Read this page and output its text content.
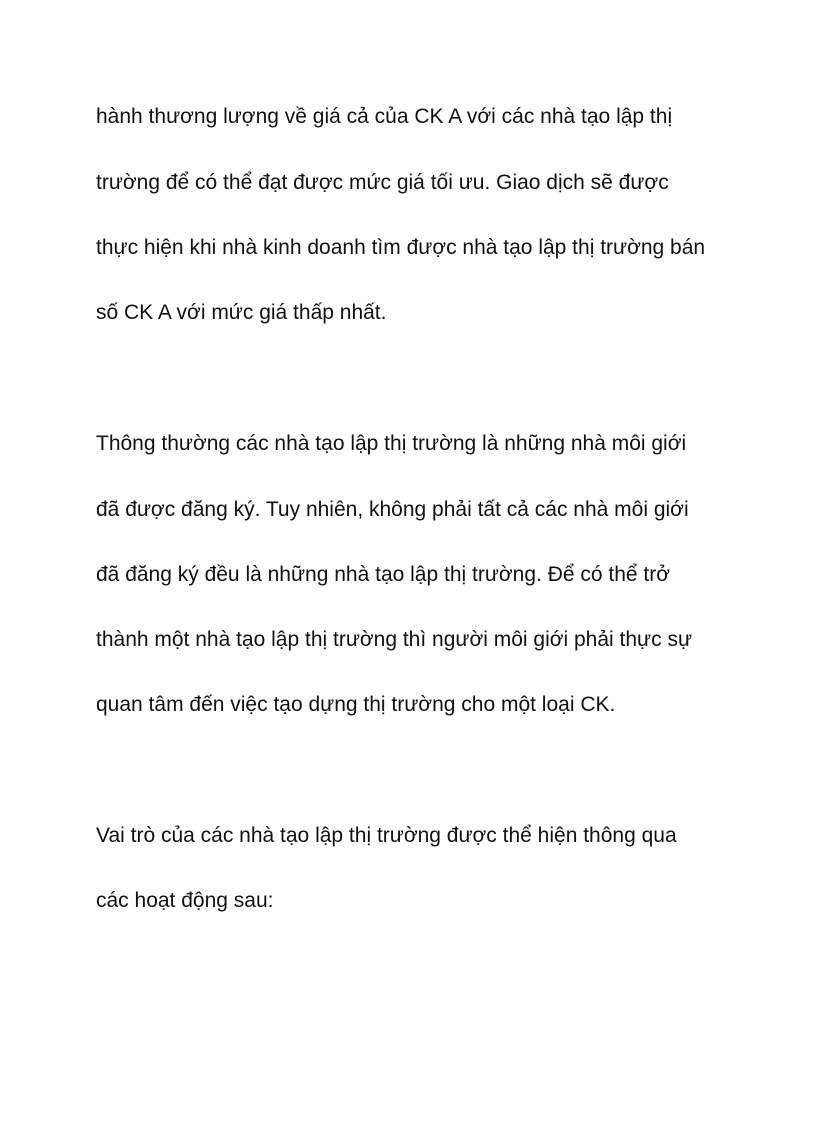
hành thương lượng về giá cả của CK A với các nhà tạo lập thị

trường để có thể đạt được mức giá tối ưu. Giao dịch sẽ được

thực hiện khi nhà kinh doanh tìm được nhà tạo lập thị trường bán

số CK A với mức giá thấp nhất.

Thông thường các nhà tạo lập thị trường là những nhà môi giới

đã được đăng ký. Tuy nhiên, không phải tất cả các nhà môi giới

đã đăng ký đều là những nhà tạo lập thị trường. Để có thể trở

thành một nhà tạo lập thị trường thì người môi giới phải thực sự

quan tâm đến việc tạo dựng thị trường cho một loại CK.

Vai trò của các nhà tạo lập thị trường được thể hiện thông qua

các hoạt động sau:
